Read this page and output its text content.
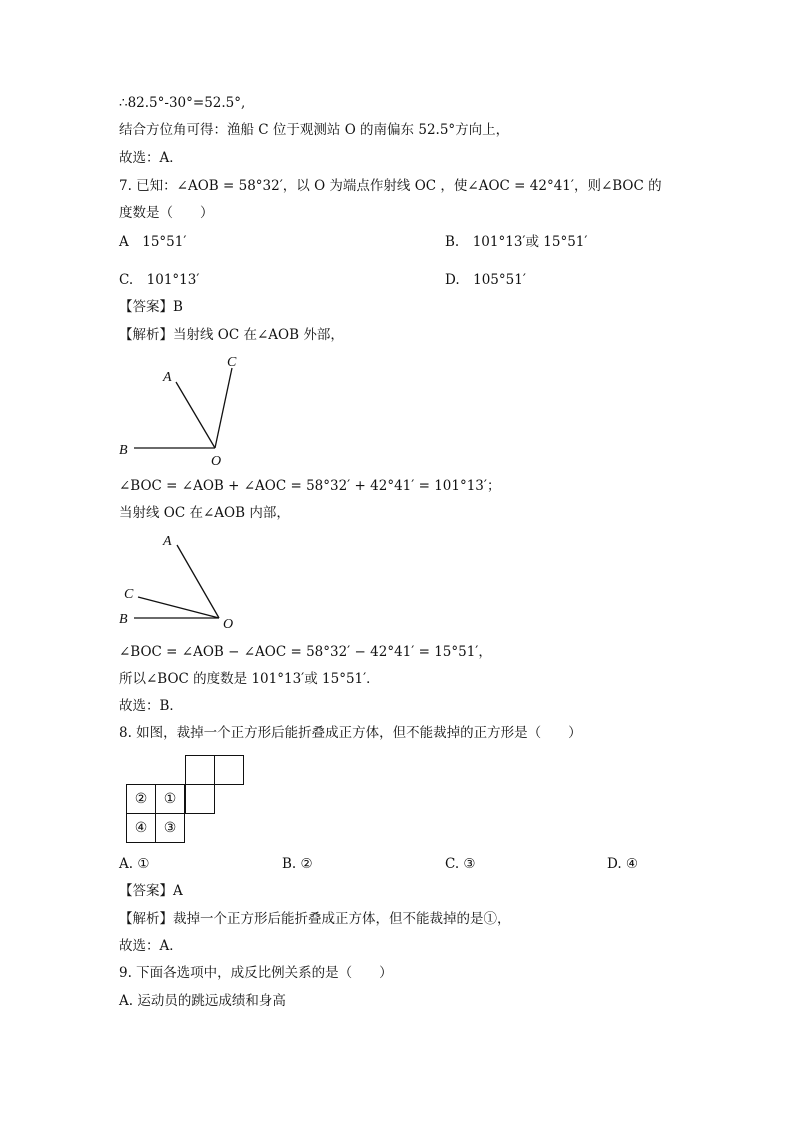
∴82.5°-30°=52.5°,
结合方位角可得：渔船 C 位于观测站 O 的南偏东 52.5°方向上，
故选：A．
7. 已知：∠AOB = 58°32′，以 O 为端点作射线 OC ，使∠AOC = 42°41′，则∠BOC 的
度数是（　　）
A　15°51′	B.　101°13′或 15°51′
C.　101°13′	D.　105°51′
【答案】B
【解析】当射线 OC 在∠AOB 外部，
A
C
B
O
∠BOC = ∠AOB + ∠AOC = 58°32′ + 42°41′ = 101°13′；
当射线 OC 在∠AOB 内部，
A
C
B	O
∠BOC = ∠AOB − ∠AOC = 58°32′ − 42°41′ = 15°51′，
所以∠BOC 的度数是 101°13′或 15°51′．
故选：B．
8. 如图，裁掉一个正方形后能折叠成正方体，但不能裁掉的正方形是（　　）
②	①
④	③
A. ①	B. ②	C. ③	D. ④
【答案】A
【解析】裁掉一个正方形后能折叠成正方体，但不能裁掉的是①，
故选：A．
9. 下面各选项中，成反比例关系的是（　　）
A. 运动员的跳远成绩和身高
